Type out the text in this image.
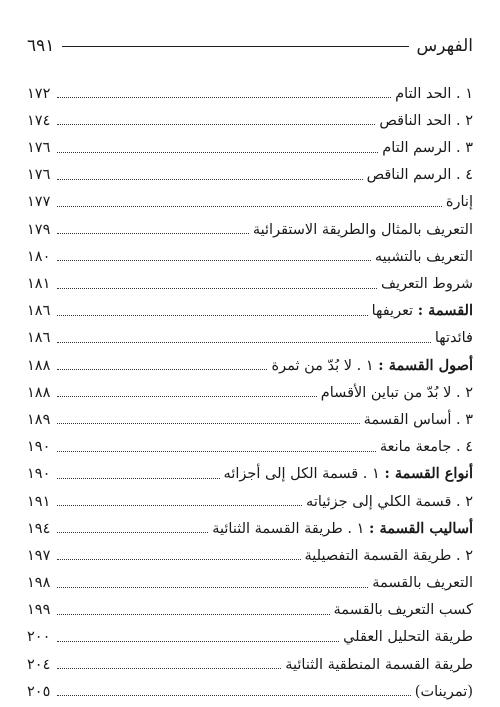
الفهرس
٦٩١
١ . الحد التام
١٧٢
٢ . الحد الناقص
١٧٤
٣ . الرسم التام
١٧٦
٤ . الرسم الناقص
١٧٦
إنارة
١٧٧
التعريف بالمثال والطريقة الاستقرائية
١٧٩
التعريف بالتشبيه
١٨٠
شروط التعريف
١٨١
القسمة : تعريفها
١٨٦
فائدتها
١٨٦
أصول القسمة : ١ . لا بُدّ من ثمرة
١٨٨
٢ . لا بُدّ من تباين الأقسام
١٨٨
٣ . أساس القسمة
١٨٩
٤ . جامعة مانعة
١٩٠
أنواع القسمة : ١ . قسمة الكل إلى أجزائه
١٩٠
٢ . قسمة الكلي إلى جزئياته
١٩١
أساليب القسمة : ١ . طريقة القسمة الثنائية
١٩٤
٢ . طريقة القسمة التفصيلية
١٩٧
التعريف بالقسمة
١٩٨
كسب التعريف بالقسمة
١٩٩
طريقة التحليل العقلي
٢٠٠
طريقة القسمة المنطقية الثنائية
٢٠٤
(تمرينات)
٢٠٥
